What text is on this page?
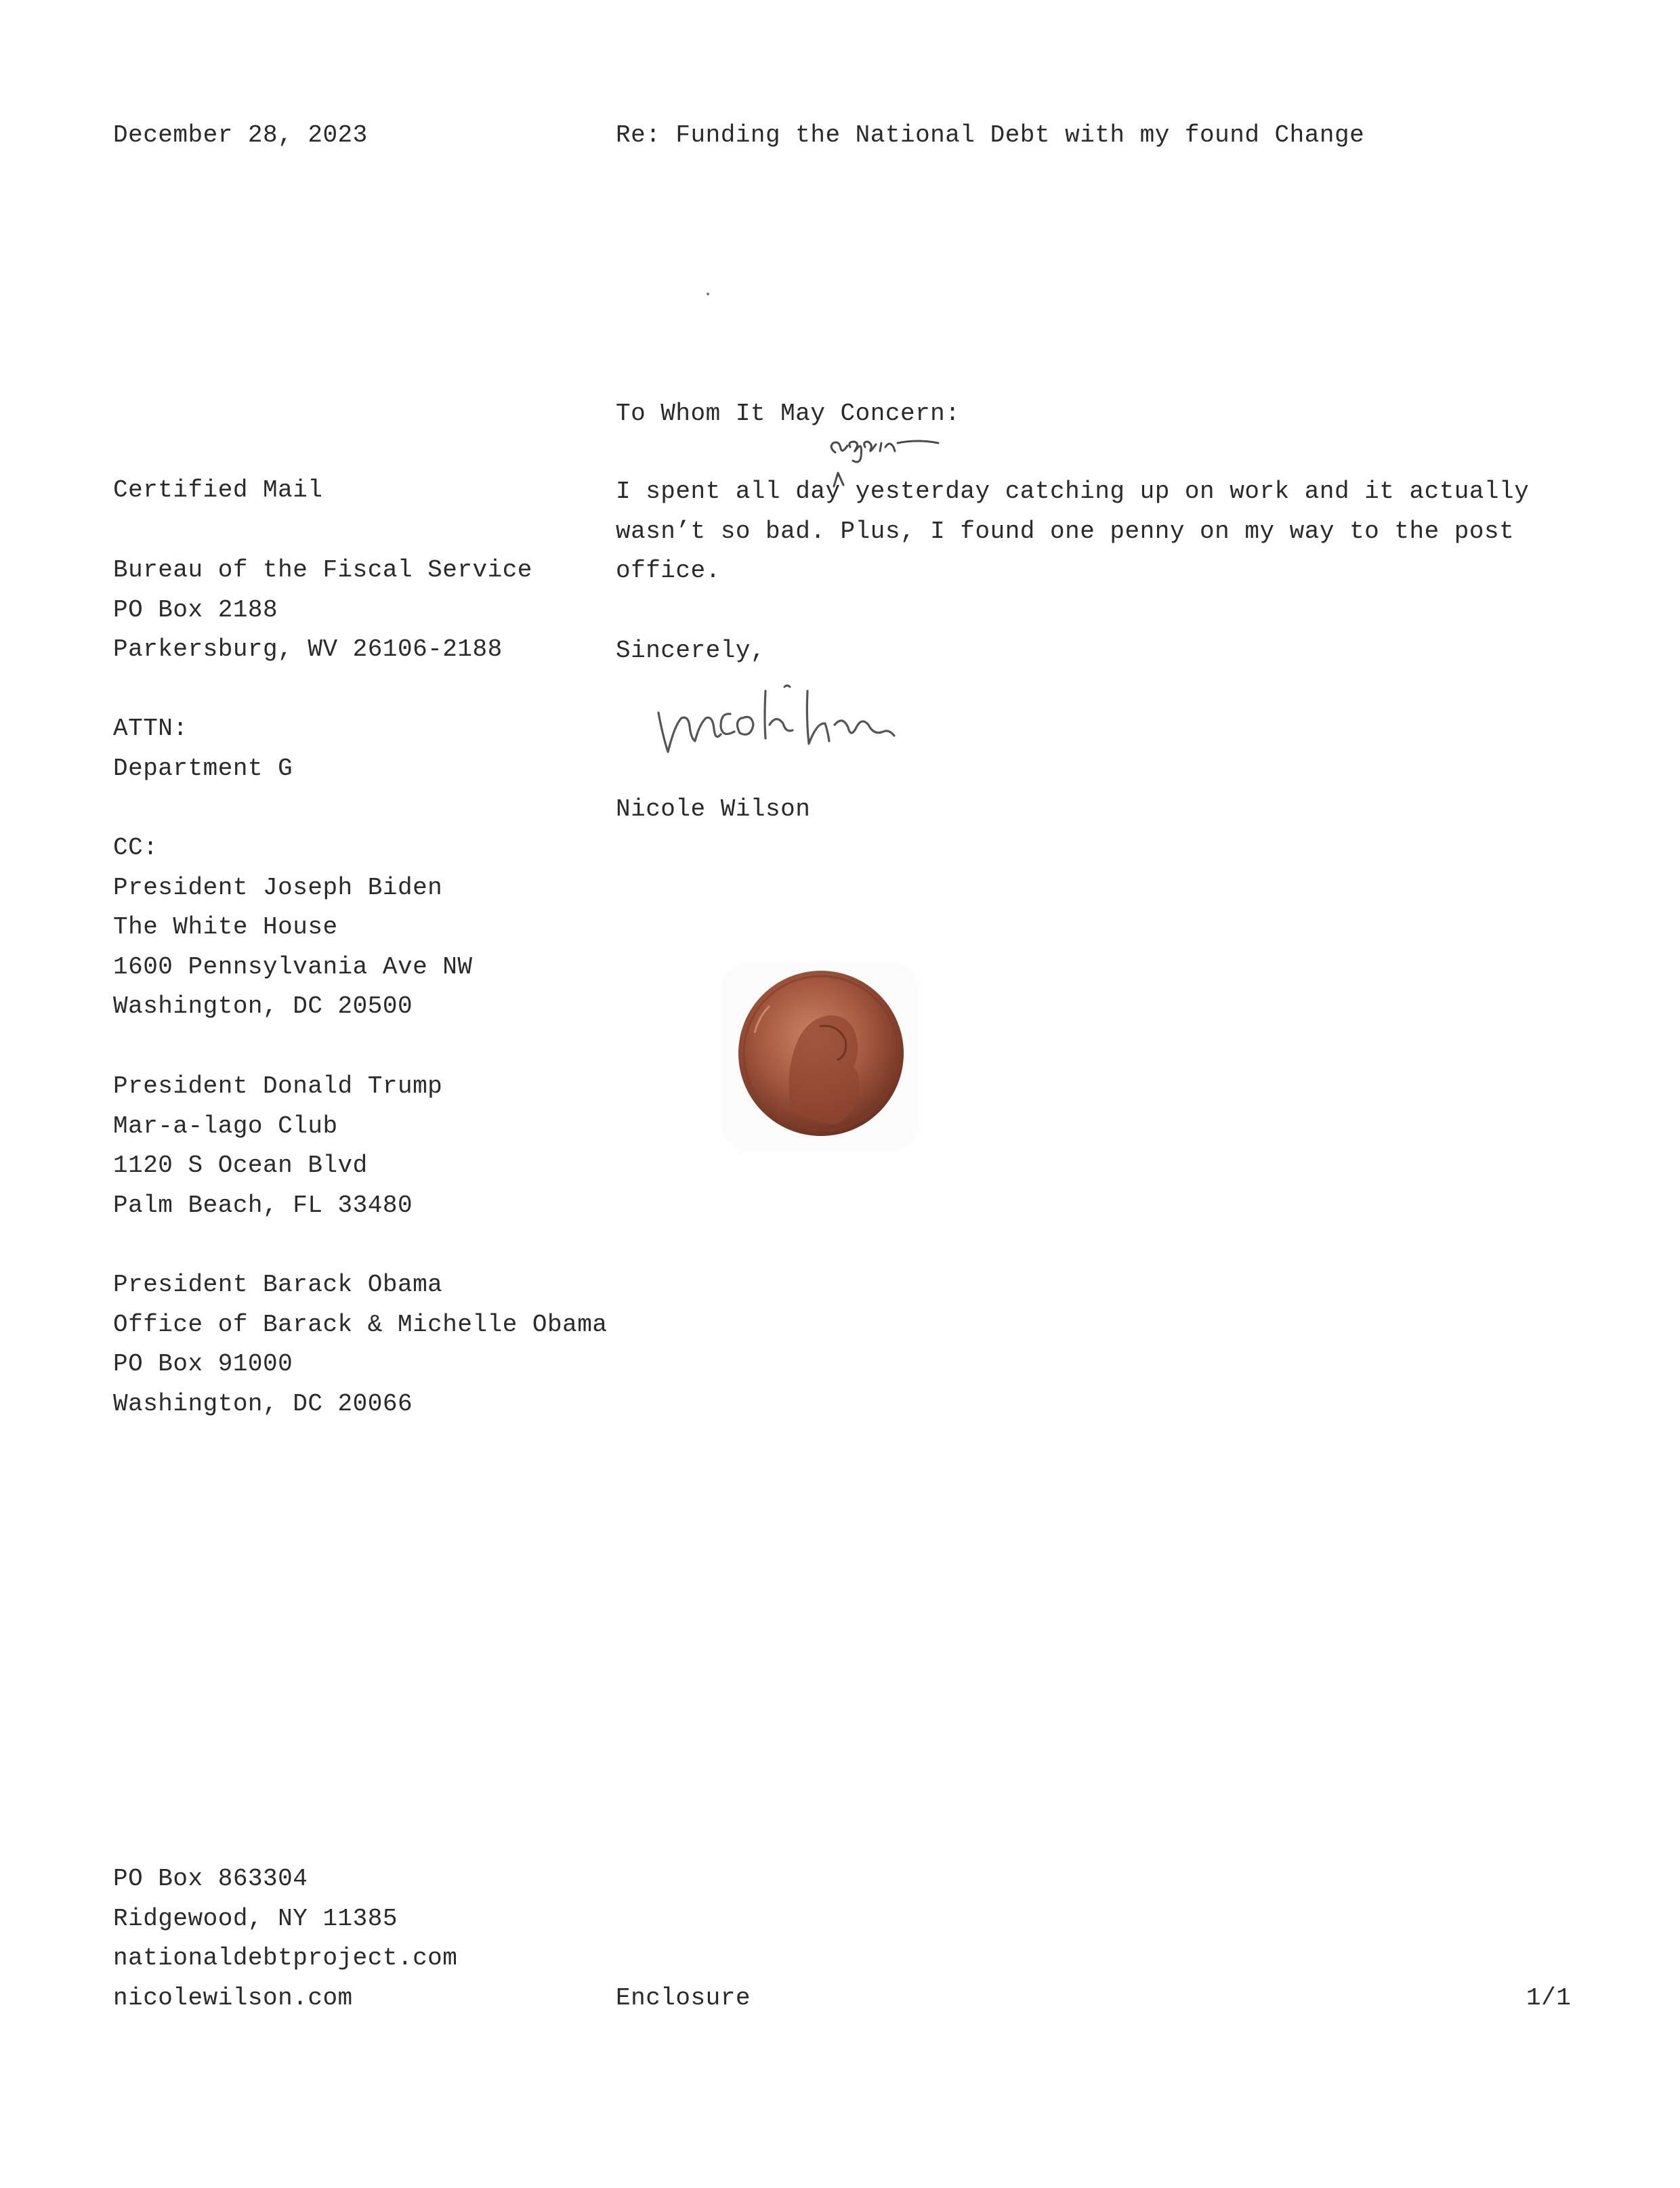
December 28, 2023	Re: Funding the National Debt with my found Change
Certified Mail
Bureau of the Fiscal Service
PO Box 2188
Parkersburg, WV 26106-2188
ATTN:
Department G
CC:
President Joseph Biden
The White House
1600 Pennsylvania Ave NW
Washington, DC 20500
President Donald Trump
Mar-a-lago Club
1120 S Ocean Blvd
Palm Beach, FL 33480
President Barack Obama
Office of Barack & Michelle Obama
PO Box 91000
Washington, DC 20066
To Whom It May Concern:
I spent all day yesterday catching up on work and it actually
wasn’t so bad. Plus, I found one penny on my way to the post
office.
Sincerely,
Nicole Wilson
PO Box 863304
Ridgewood, NY 11385
nationaldebtproject.com
nicolewilson.com	Enclosure	1/1
